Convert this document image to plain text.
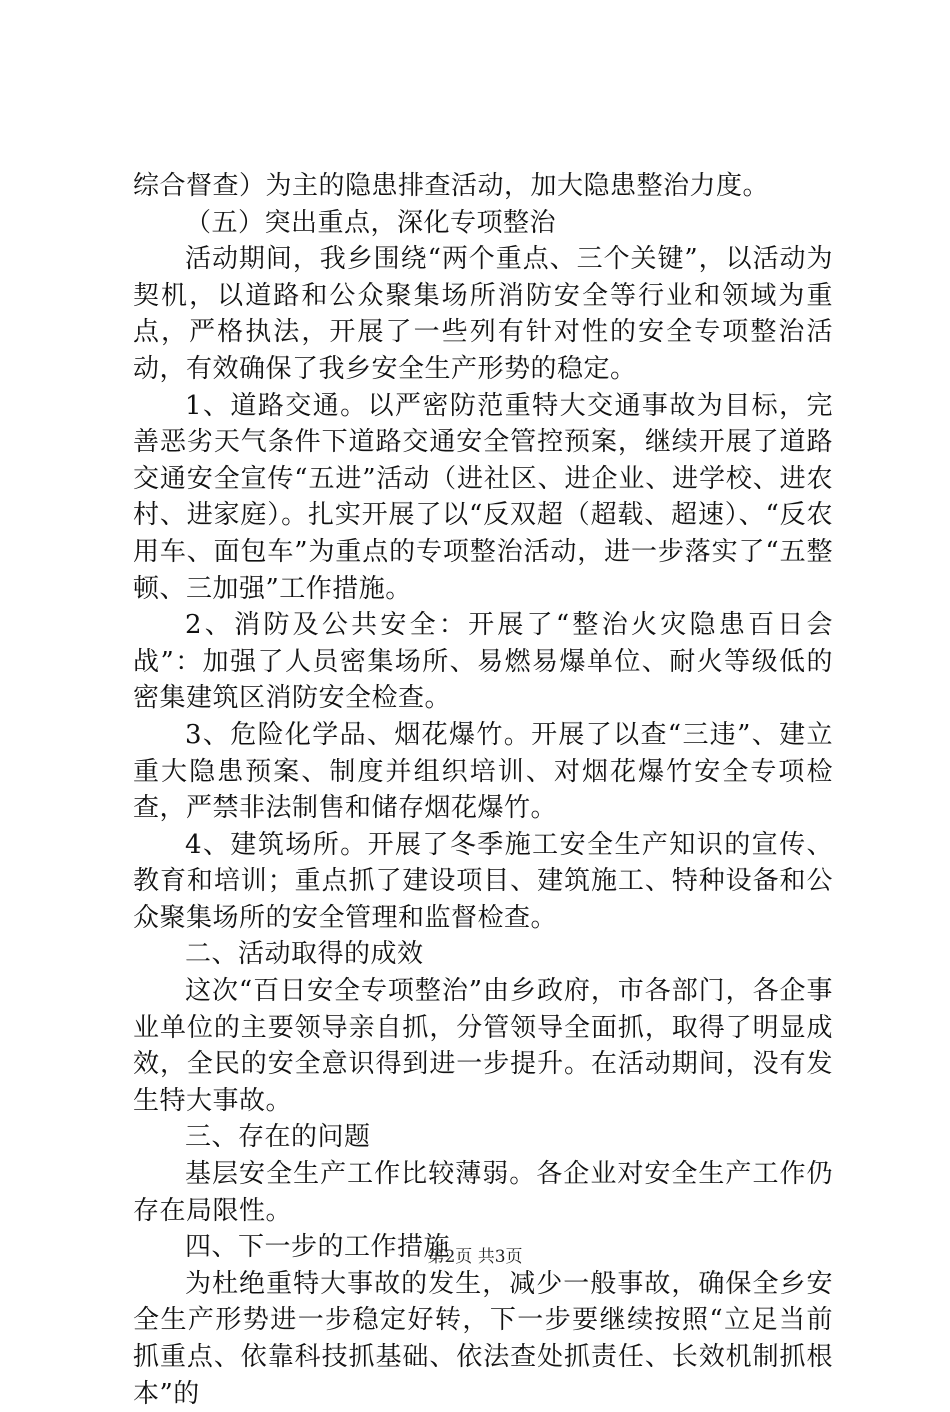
综合督查）为主的隐患排查活动，加大隐患整治力度。

（五）突出重点，深化专项整治

活动期间，我乡围绕“两个重点、三个关键”，以活动为契机，以道路和公众聚集场所消防安全等行业和领域为重点，严格执法，开展了一些列有针对性的安全专项整治活动，有效确保了我乡安全生产形势的稳定。

1、道路交通。以严密防范重特大交通事故为目标，完善恶劣天气条件下道路交通安全管控预案，继续开展了道路交通安全宣传“五进”活动（进社区、进企业、进学校、进农村、进家庭）。扎实开展了以“反双超（超载、超速）、“反农用车、面包车”为重点的专项整治活动，进一步落实了“五整顿、三加强”工作措施。

2、消防及公共安全：开展了“整治火灾隐患百日会战”：加强了人员密集场所、易燃易爆单位、耐火等级低的密集建筑区消防安全检查。

3、危险化学品、烟花爆竹。开展了以查“三违”、建立重大隐患预案、制度并组织培训、对烟花爆竹安全专项检查，严禁非法制售和储存烟花爆竹。

4、建筑场所。开展了冬季施工安全生产知识的宣传、教育和培训；重点抓了建设项目、建筑施工、特种设备和公众聚集场所的安全管理和监督检查。

二、活动取得的成效

这次“百日安全专项整治”由乡政府，市各部门，各企事业单位的主要领导亲自抓，分管领导全面抓，取得了明显成效，全民的安全意识得到进一步提升。在活动期间，没有发生特大事故。

三、存在的问题

基层安全生产工作比较薄弱。各企业对安全生产工作仍存在局限性。

四、下一步的工作措施

为杜绝重特大事故的发生，减少一般事故，确保全乡安全生产形势进一步稳定好转，下一步要继续按照“立足当前抓重点、依靠科技抓基础、依法查处抓责任、长效机制抓根本”的

第2页 共3页
